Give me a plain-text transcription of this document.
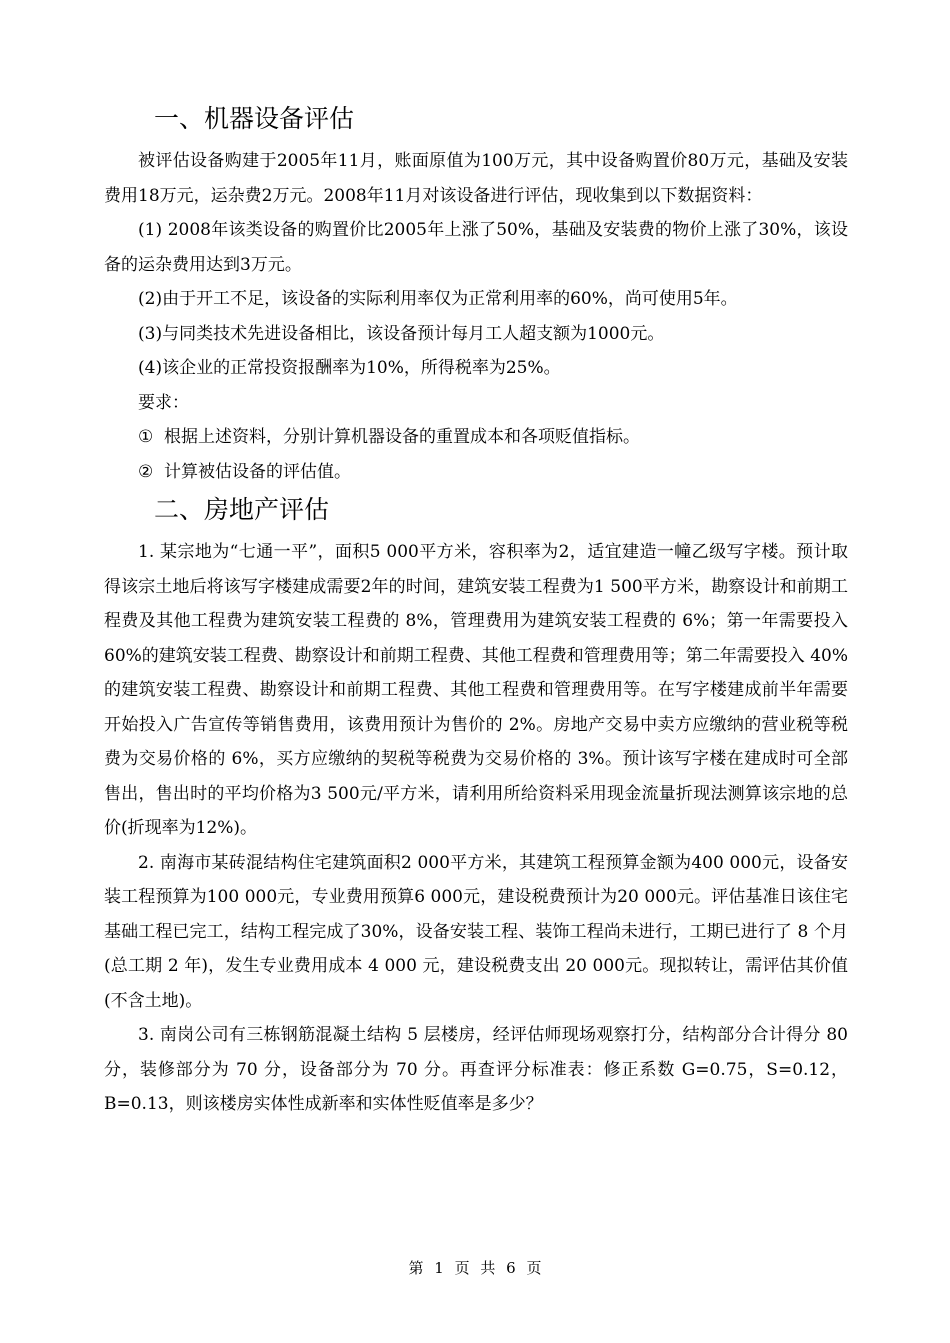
一、机器设备评估

被评估设备购建于2005年11月，账面原值为100万元，其中设备购置价80万元，基础及安装费用18万元，运杂费2万元。2008年11月对该设备进行评估，现收集到以下数据资料：

(1) 2008年该类设备的购置价比2005年上涨了50%，基础及安装费的物价上涨了30%，该设备的运杂费用达到3万元。

(2)由于开工不足，该设备的实际利用率仅为正常利用率的60%，尚可使用5年。

(3)与同类技术先进设备相比，该设备预计每月工人超支额为1000元。

(4)该企业的正常投资报酬率为10%，所得税率为25%。

要求：

① 根据上述资料，分别计算机器设备的重置成本和各项贬值指标。
② 计算被估设备的评估值。
二、房地产评估

1. 某宗地为“七通一平”，面积5 000平方米，容积率为2，适宜建造一幢乙级写字楼。预计取得该宗土地后将该写字楼建成需要2年的时间，建筑安装工程费为1 500平方米，勘察设计和前期工程费及其他工程费为建筑安装工程费的 8%，管理费用为建筑安装工程费的 6%；第一年需要投入 60%的建筑安装工程费、勘察设计和前期工程费、其他工程费和管理费用等；第二年需要投入 40%的建筑安装工程费、勘察设计和前期工程费、其他工程费和管理费用等。在写字楼建成前半年需要开始投入广告宣传等销售费用，该费用预计为售价的 2%。房地产交易中卖方应缴纳的营业税等税费为交易价格的 6%，买方应缴纳的契税等税费为交易价格的 3%。预计该写字楼在建成时可全部售出，售出时的平均价格为3 500元/平方米，请利用所给资料采用现金流量折现法测算该宗地的总价(折现率为12%)。

2. 南海市某砖混结构住宅建筑面积2 000平方米，其建筑工程预算金额为400 000元，设备安装工程预算为100 000元，专业费用预算6 000元，建设税费预计为20 000元。评估基准日该住宅基础工程已完工，结构工程完成了30%，设备安装工程、装饰工程尚未进行，工期已进行了 8 个月(总工期 2 年)，发生专业费用成本 4 000 元，建设税费支出 20 000元。现拟转让，需评估其价值(不含土地)。

3. 南岗公司有三栋钢筋混凝土结构 5 层楼房，经评估师现场观察打分，结构部分合计得分 80 分，装修部分为 70 分，设备部分为 70 分。再查评分标准表：修正系数 G=0.75，S=0.12，B=0.13，则该楼房实体性成新率和实体性贬值率是多少？

第 1 页 共 6 页
